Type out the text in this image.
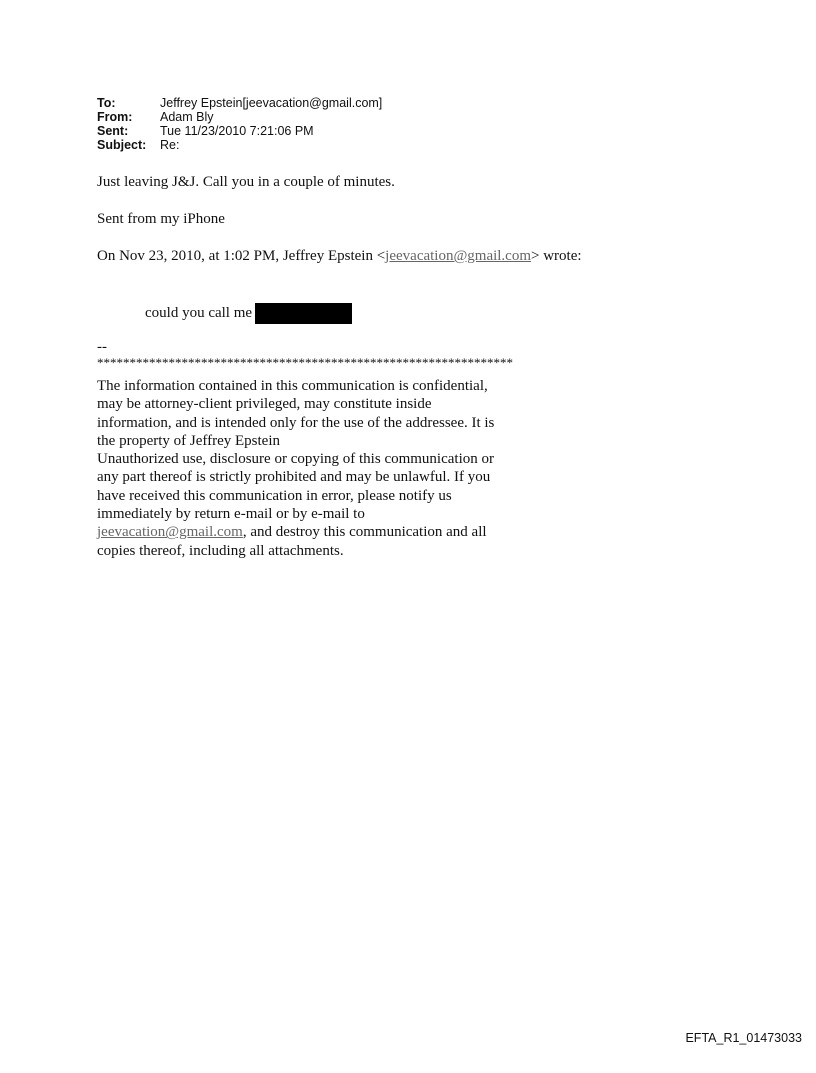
To:	Jeffrey Epstein[jeevacation@gmail.com]
From:	Adam Bly
Sent:	Tue 11/23/2010 7:21:06 PM
Subject:	Re:

Just leaving J&J. Call you in a couple of minutes.

Sent from my iPhone

On Nov 23, 2010, at 1:02 PM, Jeffrey Epstein <jeevacation@gmail.com> wrote:

could you call me

--

****************************************************************

The information contained in this communication is confidential, may be attorney-client privileged, may constitute inside information, and is intended only for the use of the addressee. It is the property of Jeffrey Epstein
Unauthorized use, disclosure or copying of this communication or any part thereof is strictly prohibited and may be unlawful. If you have received this communication in error, please notify us immediately by return e-mail or by e-mail to jeevacation@gmail.com, and destroy this communication and all copies thereof, including all attachments.
EFTA_R1_01473033
